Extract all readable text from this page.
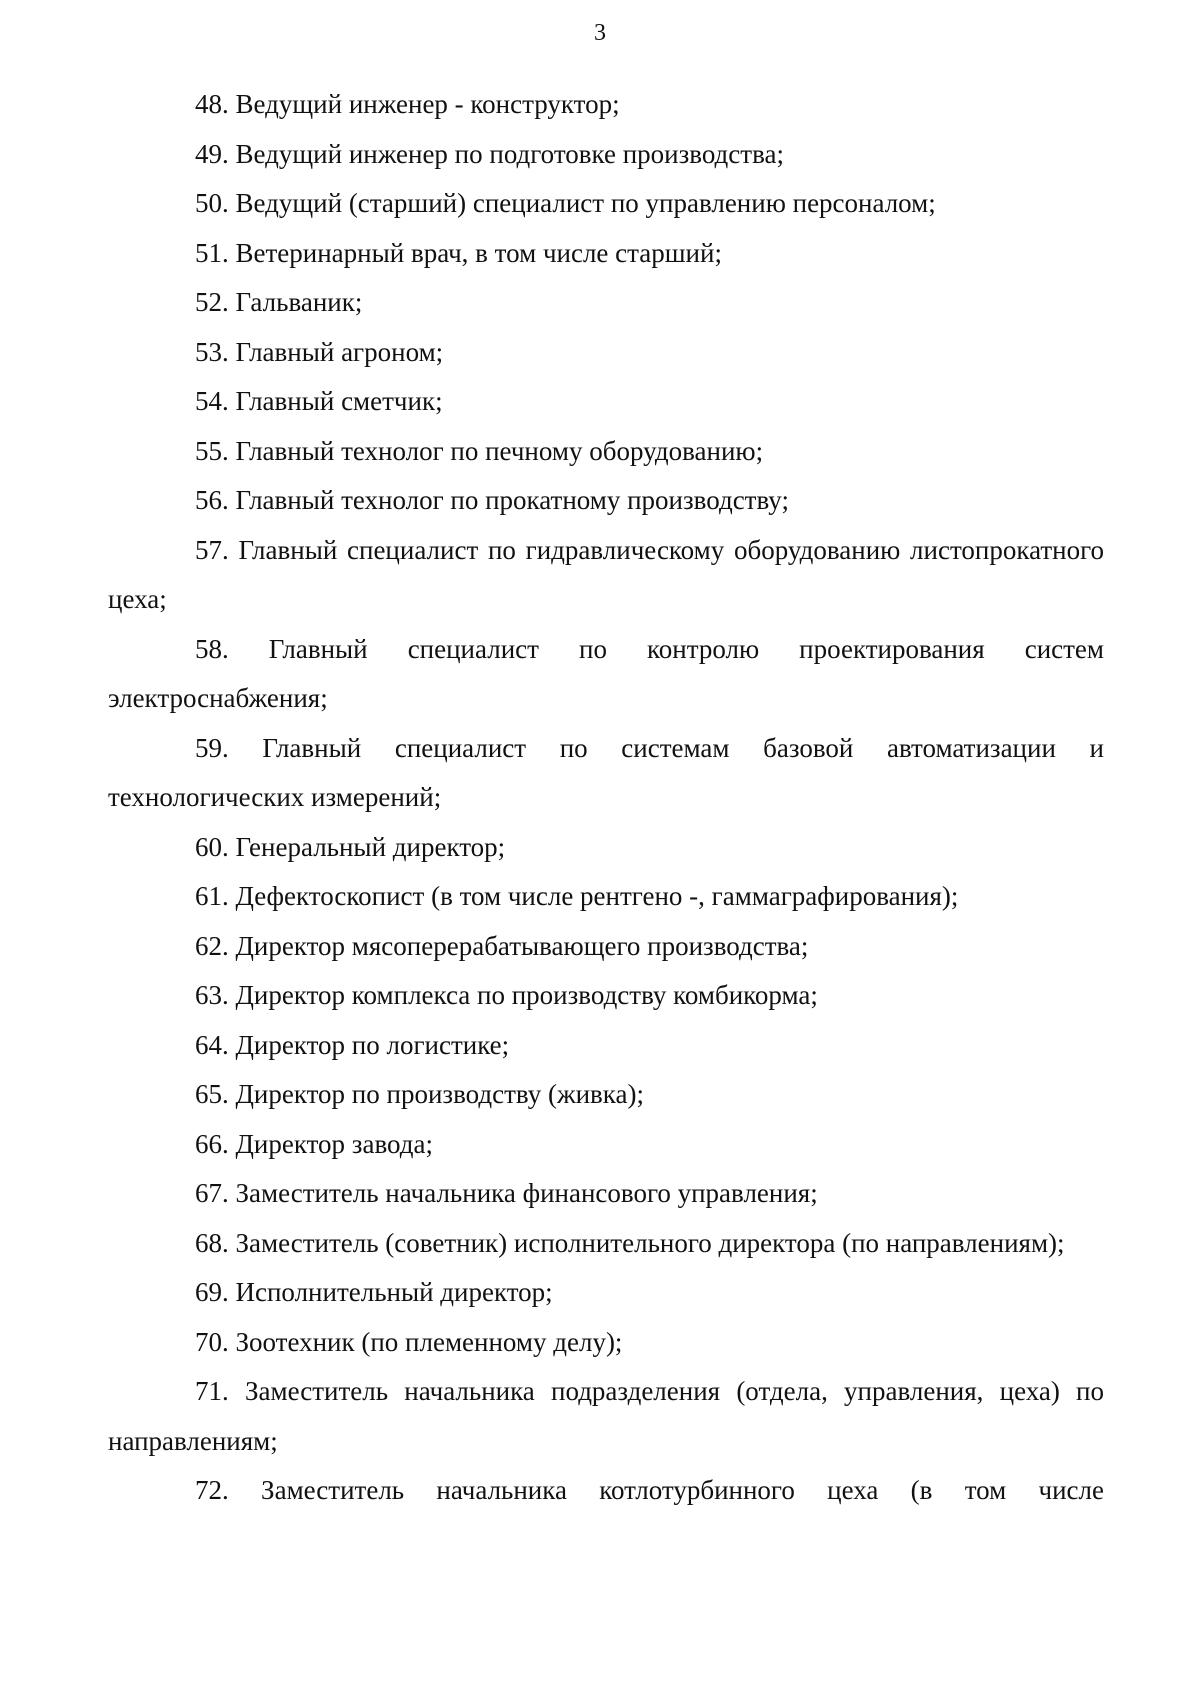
3
48. Ведущий инженер - конструктор;
49. Ведущий инженер по подготовке производства;
50. Ведущий (старший) специалист по управлению персоналом;
51. Ветеринарный врач, в том числе старший;
52. Гальваник;
53. Главный агроном;
54. Главный сметчик;
55. Главный технолог по печному оборудованию;
56. Главный технолог по прокатному производству;
57. Главный специалист по гидравлическому оборудованию листопрокатного цеха;
58. Главный специалист по контролю проектирования систем электроснабжения;
59. Главный специалист по системам базовой автоматизации и технологических измерений;
60. Генеральный директор;
61. Дефектоскопист (в том числе рентгено -, гаммаграфирования);
62. Директор мясоперерабатывающего производства;
63. Директор комплекса по производству комбикорма;
64. Директор по логистике;
65. Директор по производству (живка);
66. Директор завода;
67. Заместитель начальника финансового управления;
68. Заместитель (советник) исполнительного директора (по направлениям);
69. Исполнительный директор;
70. Зоотехник (по племенному делу);
71. Заместитель начальника подразделения (отдела, управления, цеха) по направлениям;
72. Заместитель начальника котлотурбинного цеха (в том числе
